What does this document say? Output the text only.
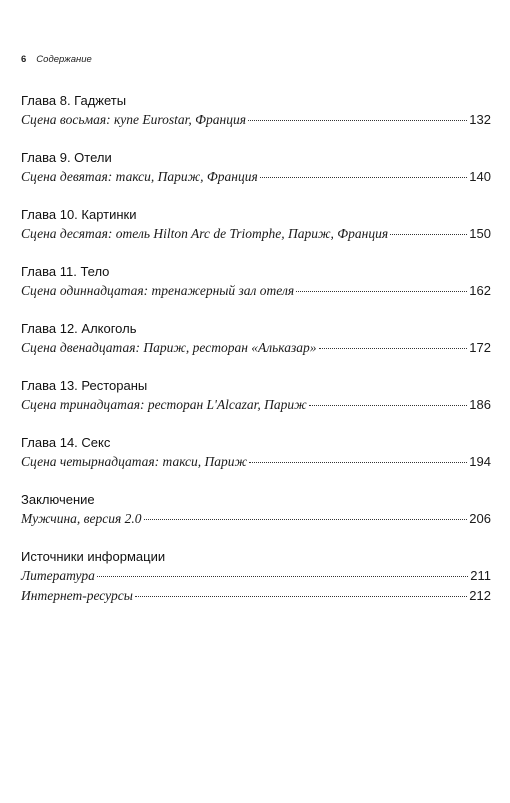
6 Содержание
Глава 8. Гаджеты
Сцена восьмая: купе Eurostar, Франция	132
Глава 9. Отели
Сцена девятая: такси, Париж, Франция	140
Глава 10. Картинки
Сцена десятая: отель Hilton Arc de Triomphe, Париж, Франция	150
Глава 11. Тело
Сцена одиннадцатая: тренажерный зал отеля	162
Глава 12. Алкоголь
Сцена двенадцатая: Париж, ресторан «Альказар»	172
Глава 13. Рестораны
Сцена тринадцатая: ресторан L'Alcazar, Париж	186
Глава 14. Секс
Сцена четырнадцатая: такси, Париж	194
Заключение
Мужчина, версия 2.0	206
Источники информации
Литература	211
Интернет-ресурсы	212
